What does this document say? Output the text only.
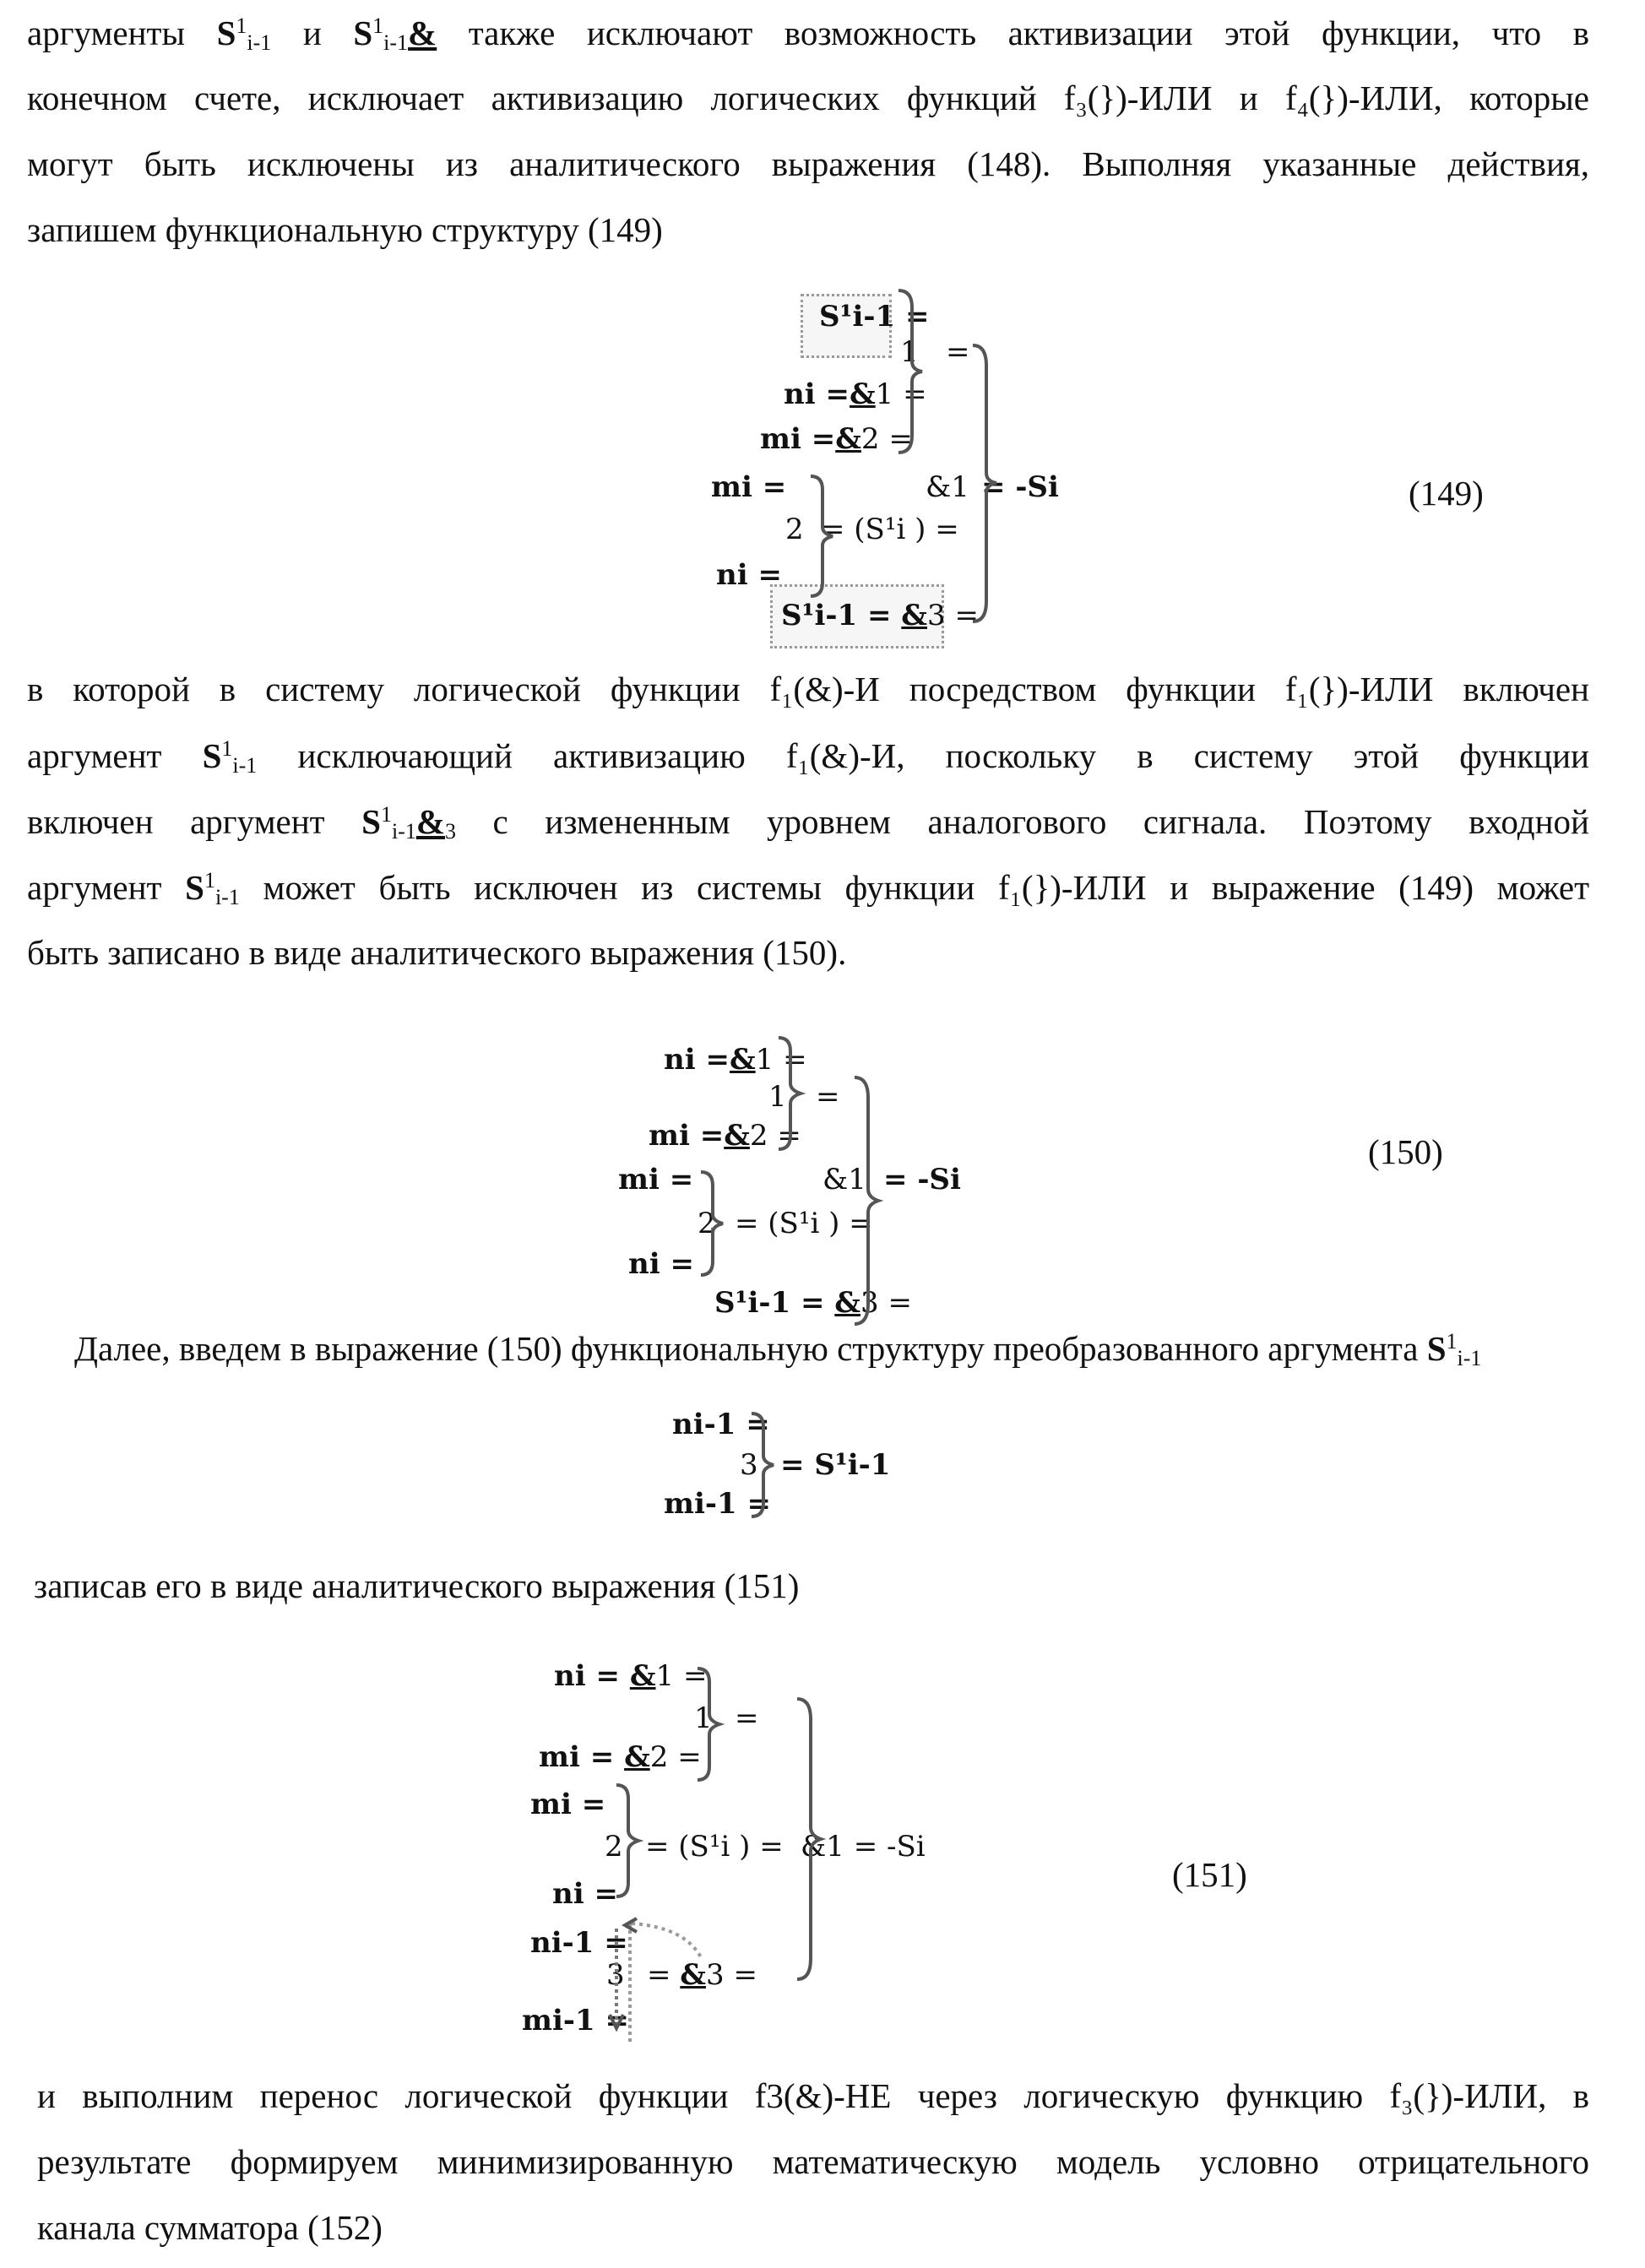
аргументы S1i-1 и S1i-1& также исключают возможность активизации этой функции, что в
конечном счете, исключает активизацию логических функций f₃(})-ИЛИ и f₄(})-ИЛИ, которые
могут быть исключены из аналитического выражения (148). Выполняя указанные действия,
запишем функциональную структуру (149)
S¹i-1 =
1 =
ni =&1 =
mi =&2 =
mi =
2 = (S¹i ) =
ni =
S¹i-1 = &3 =
&1 = -Si	(149)
в которой в систему логической функции f₁(&)-И посредством функции f₁(})-ИЛИ включен
аргумент S1i-1 исключающий активизацию f₁(&)-И, поскольку в систему этой функции
включен аргумент S1i-1&3 с измененным уровнем аналогового сигнала. Поэтому входной
аргумент S1i-1 может быть исключен из системы функции f₁(})-ИЛИ и выражение (149) может
быть записано в виде аналитического выражения (150).
ni =&1 =
1 =
mi =&2 =
mi =
2 = (S¹i ) =
ni =
S¹i-1 = &3 =
&1 = -Si
(150)
Далее, введем в выражение (150) функциональную структуру преобразованного аргумента S1i-1
ni-1 =
3 = S¹i-1
mi-1 =
записав его в виде аналитического выражения (151)
ni = &1 =
1 =
mi = &2 =
mi =
2 = (S¹i ) =
ni =
ni-1 =
3 = &3 =
mi-1 =
&1 = -Si
(151)
и выполним перенос логической функции f3(&)-НЕ через логическую функцию f₃(})-ИЛИ, в
результате формируем минимизированную математическую модель условно отрицательного
канала сумматора (152)
